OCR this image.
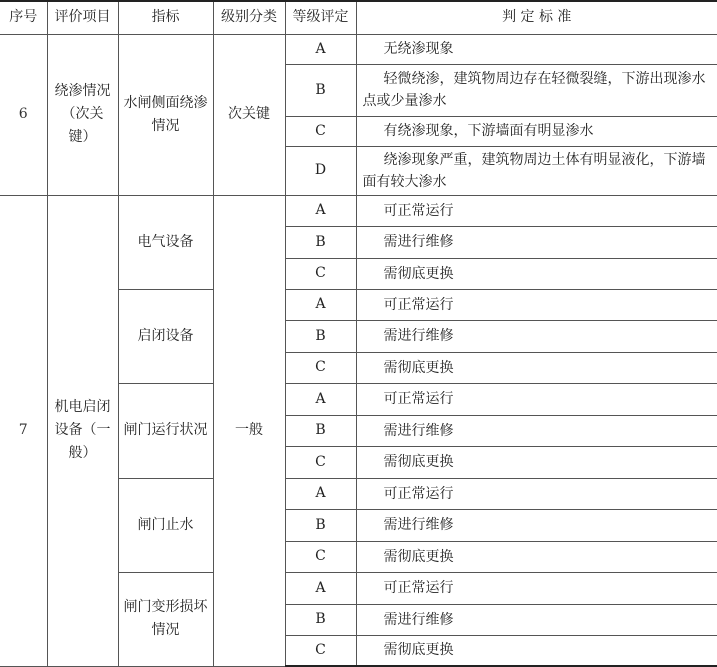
序号	评价项目	指标	级别分类	等级评定	判 定 标 准
6	绕渗情况（次关键）	水闸侧面绕渗情况	次关键	A	无绕渗现象
				B	轻微绕渗，建筑物周边存在轻微裂缝，下游出现渗水点或少量渗水
				C	有绕渗现象，下游墙面有明显渗水
				D	绕渗现象严重，建筑物周边土体有明显液化，下游墙面有较大渗水
7	机电启闭设备（一般）	电气设备	一般	A	可正常运行
				B	需进行维修
				C	需彻底更换
		启闭设备		A	可正常运行
				B	需进行维修
				C	需彻底更换
		闸门运行状况		A	可正常运行
				B	需进行维修
				C	需彻底更换
		闸门止水		A	可正常运行
				B	需进行维修
				C	需彻底更换
		闸门变形损坏情况		A	可正常运行
				B	需进行维修
				C	需彻底更换
